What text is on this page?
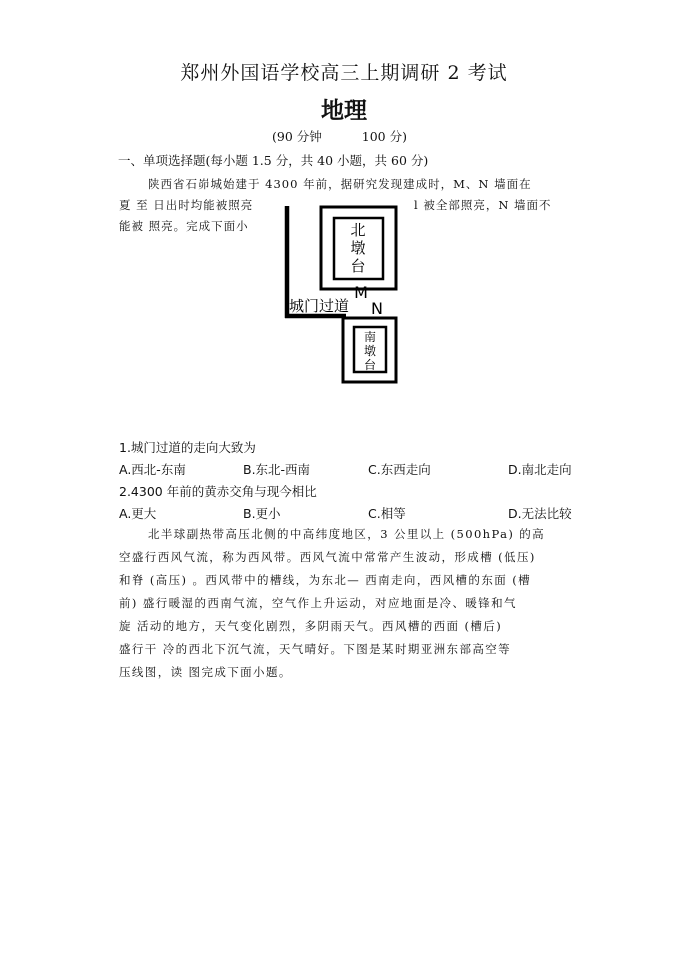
郑州外国语学校高三上期调研 2 考试
地理
(90 分钟	100 分)
一、单项选择题(每小题 1.5 分，共 40 小题，共 60 分)
陕西省石峁城始建于 4300 年前，据研究发现建成时，M、N 墙面在
夏 至 日出时均能被照亮	l 被全部照亮，N 墙面不
能被 照亮。完成下面小	北
墩
台
M
N
城门过道
南
墩
台
1.城门过道的走向大致为
A.西北-东南	B.东北-西南	C.东西走向	D.南北走向
2.4300 年前的黄赤交角与现今相比
A.更大	B.更小	C.相等	D.无法比较
北半球副热带高压北侧的中高纬度地区，3 公里以上 (500hPa) 的高
空盛行西风气流，称为西风带。西风气流中常常产生波动，形成槽 (低压)
和脊 (高压) 。西风带中的槽线，为东北— 西南走向，西风槽的东面 (槽
前) 盛行暖湿的西南气流，空气作上升运动，对应地面是冷、暖锋和气
旋 活动的地方，天气变化剧烈，多阴雨天气。西风槽的西面 (槽后)
盛行干 冷的西北下沉气流，天气晴好。下图是某时期亚洲东部高空等
压线图，读 图完成下面小题。
